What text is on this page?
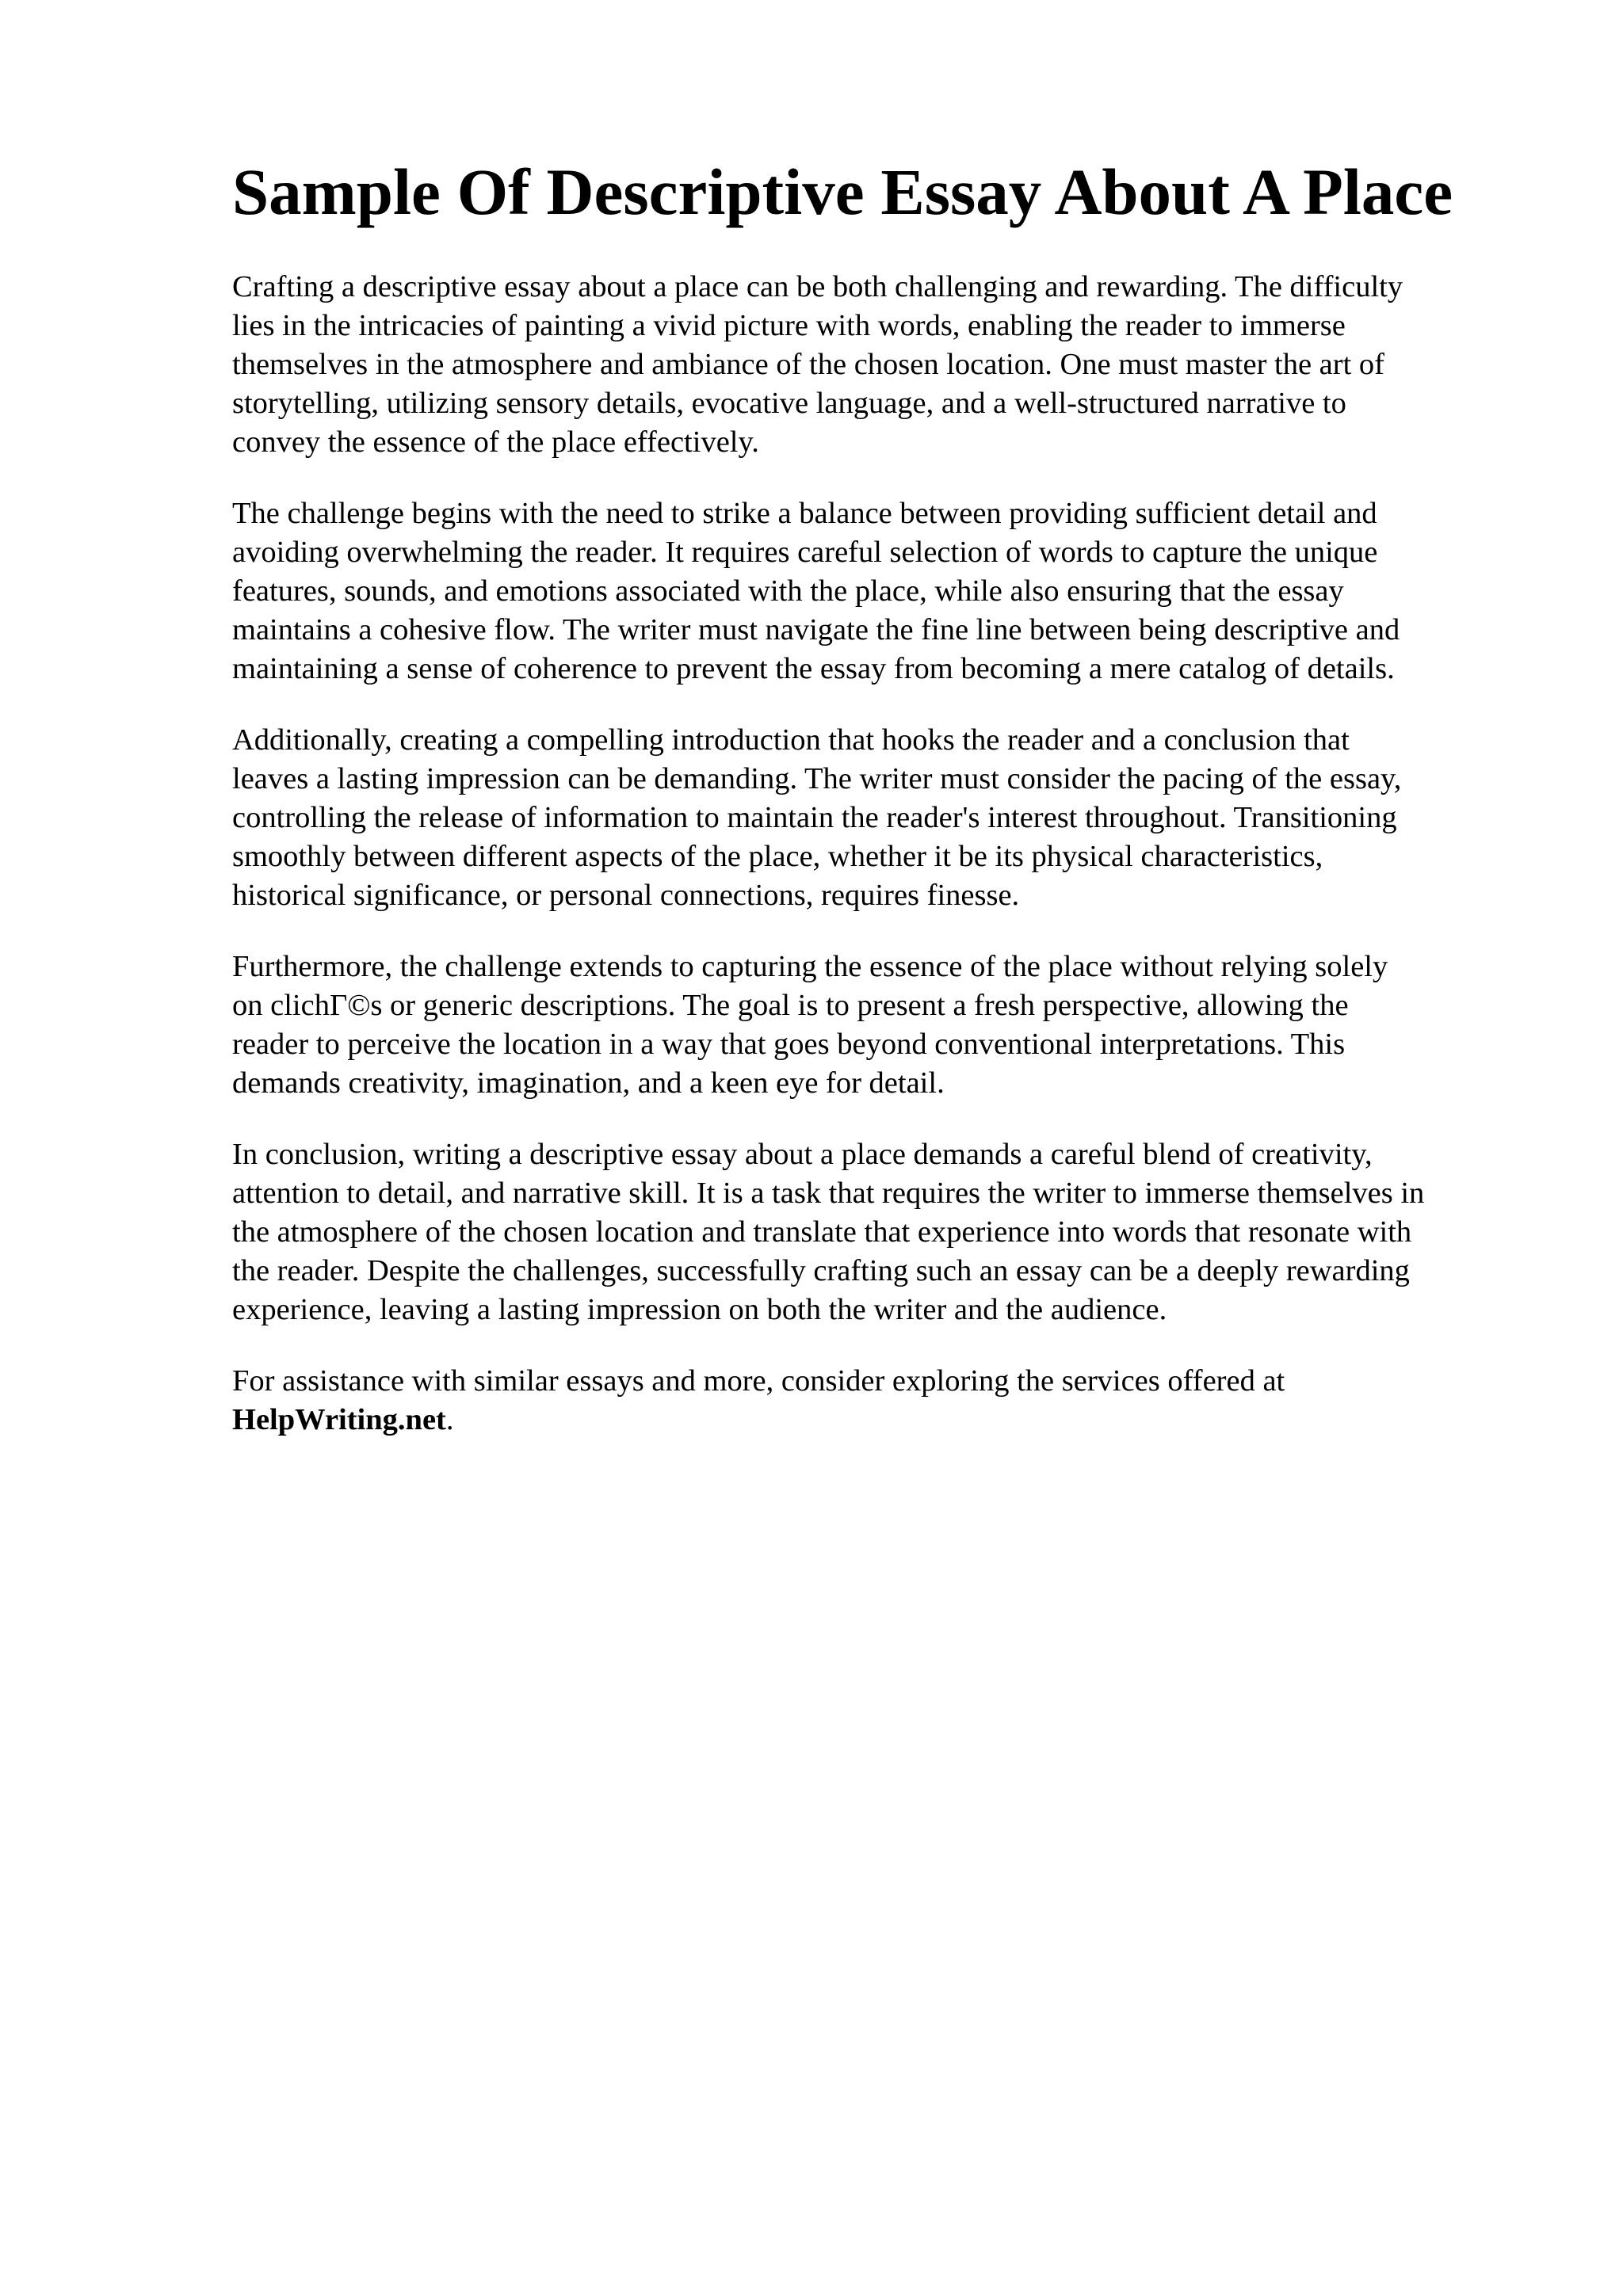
Sample Of Descriptive Essay About A Place

Crafting a descriptive essay about a place can be both challenging and rewarding. The difficulty
lies in the intricacies of painting a vivid picture with words, enabling the reader to immerse
themselves in the atmosphere and ambiance of the chosen location. One must master the art of
storytelling, utilizing sensory details, evocative language, and a well-structured narrative to
convey the essence of the place effectively.

The challenge begins with the need to strike a balance between providing sufficient detail and
avoiding overwhelming the reader. It requires careful selection of words to capture the unique
features, sounds, and emotions associated with the place, while also ensuring that the essay
maintains a cohesive flow. The writer must navigate the fine line between being descriptive and
maintaining a sense of coherence to prevent the essay from becoming a mere catalog of details.

Additionally, creating a compelling introduction that hooks the reader and a conclusion that
leaves a lasting impression can be demanding. The writer must consider the pacing of the essay,
controlling the release of information to maintain the reader's interest throughout. Transitioning
smoothly between different aspects of the place, whether it be its physical characteristics,
historical significance, or personal connections, requires finesse.

Furthermore, the challenge extends to capturing the essence of the place without relying solely
on clichΓ©s or generic descriptions. The goal is to present a fresh perspective, allowing the
reader to perceive the location in a way that goes beyond conventional interpretations. This
demands creativity, imagination, and a keen eye for detail.

In conclusion, writing a descriptive essay about a place demands a careful blend of creativity,
attention to detail, and narrative skill. It is a task that requires the writer to immerse themselves in
the atmosphere of the chosen location and translate that experience into words that resonate with
the reader. Despite the challenges, successfully crafting such an essay can be a deeply rewarding
experience, leaving a lasting impression on both the writer and the audience.

For assistance with similar essays and more, consider exploring the services offered at
HelpWriting.net.
